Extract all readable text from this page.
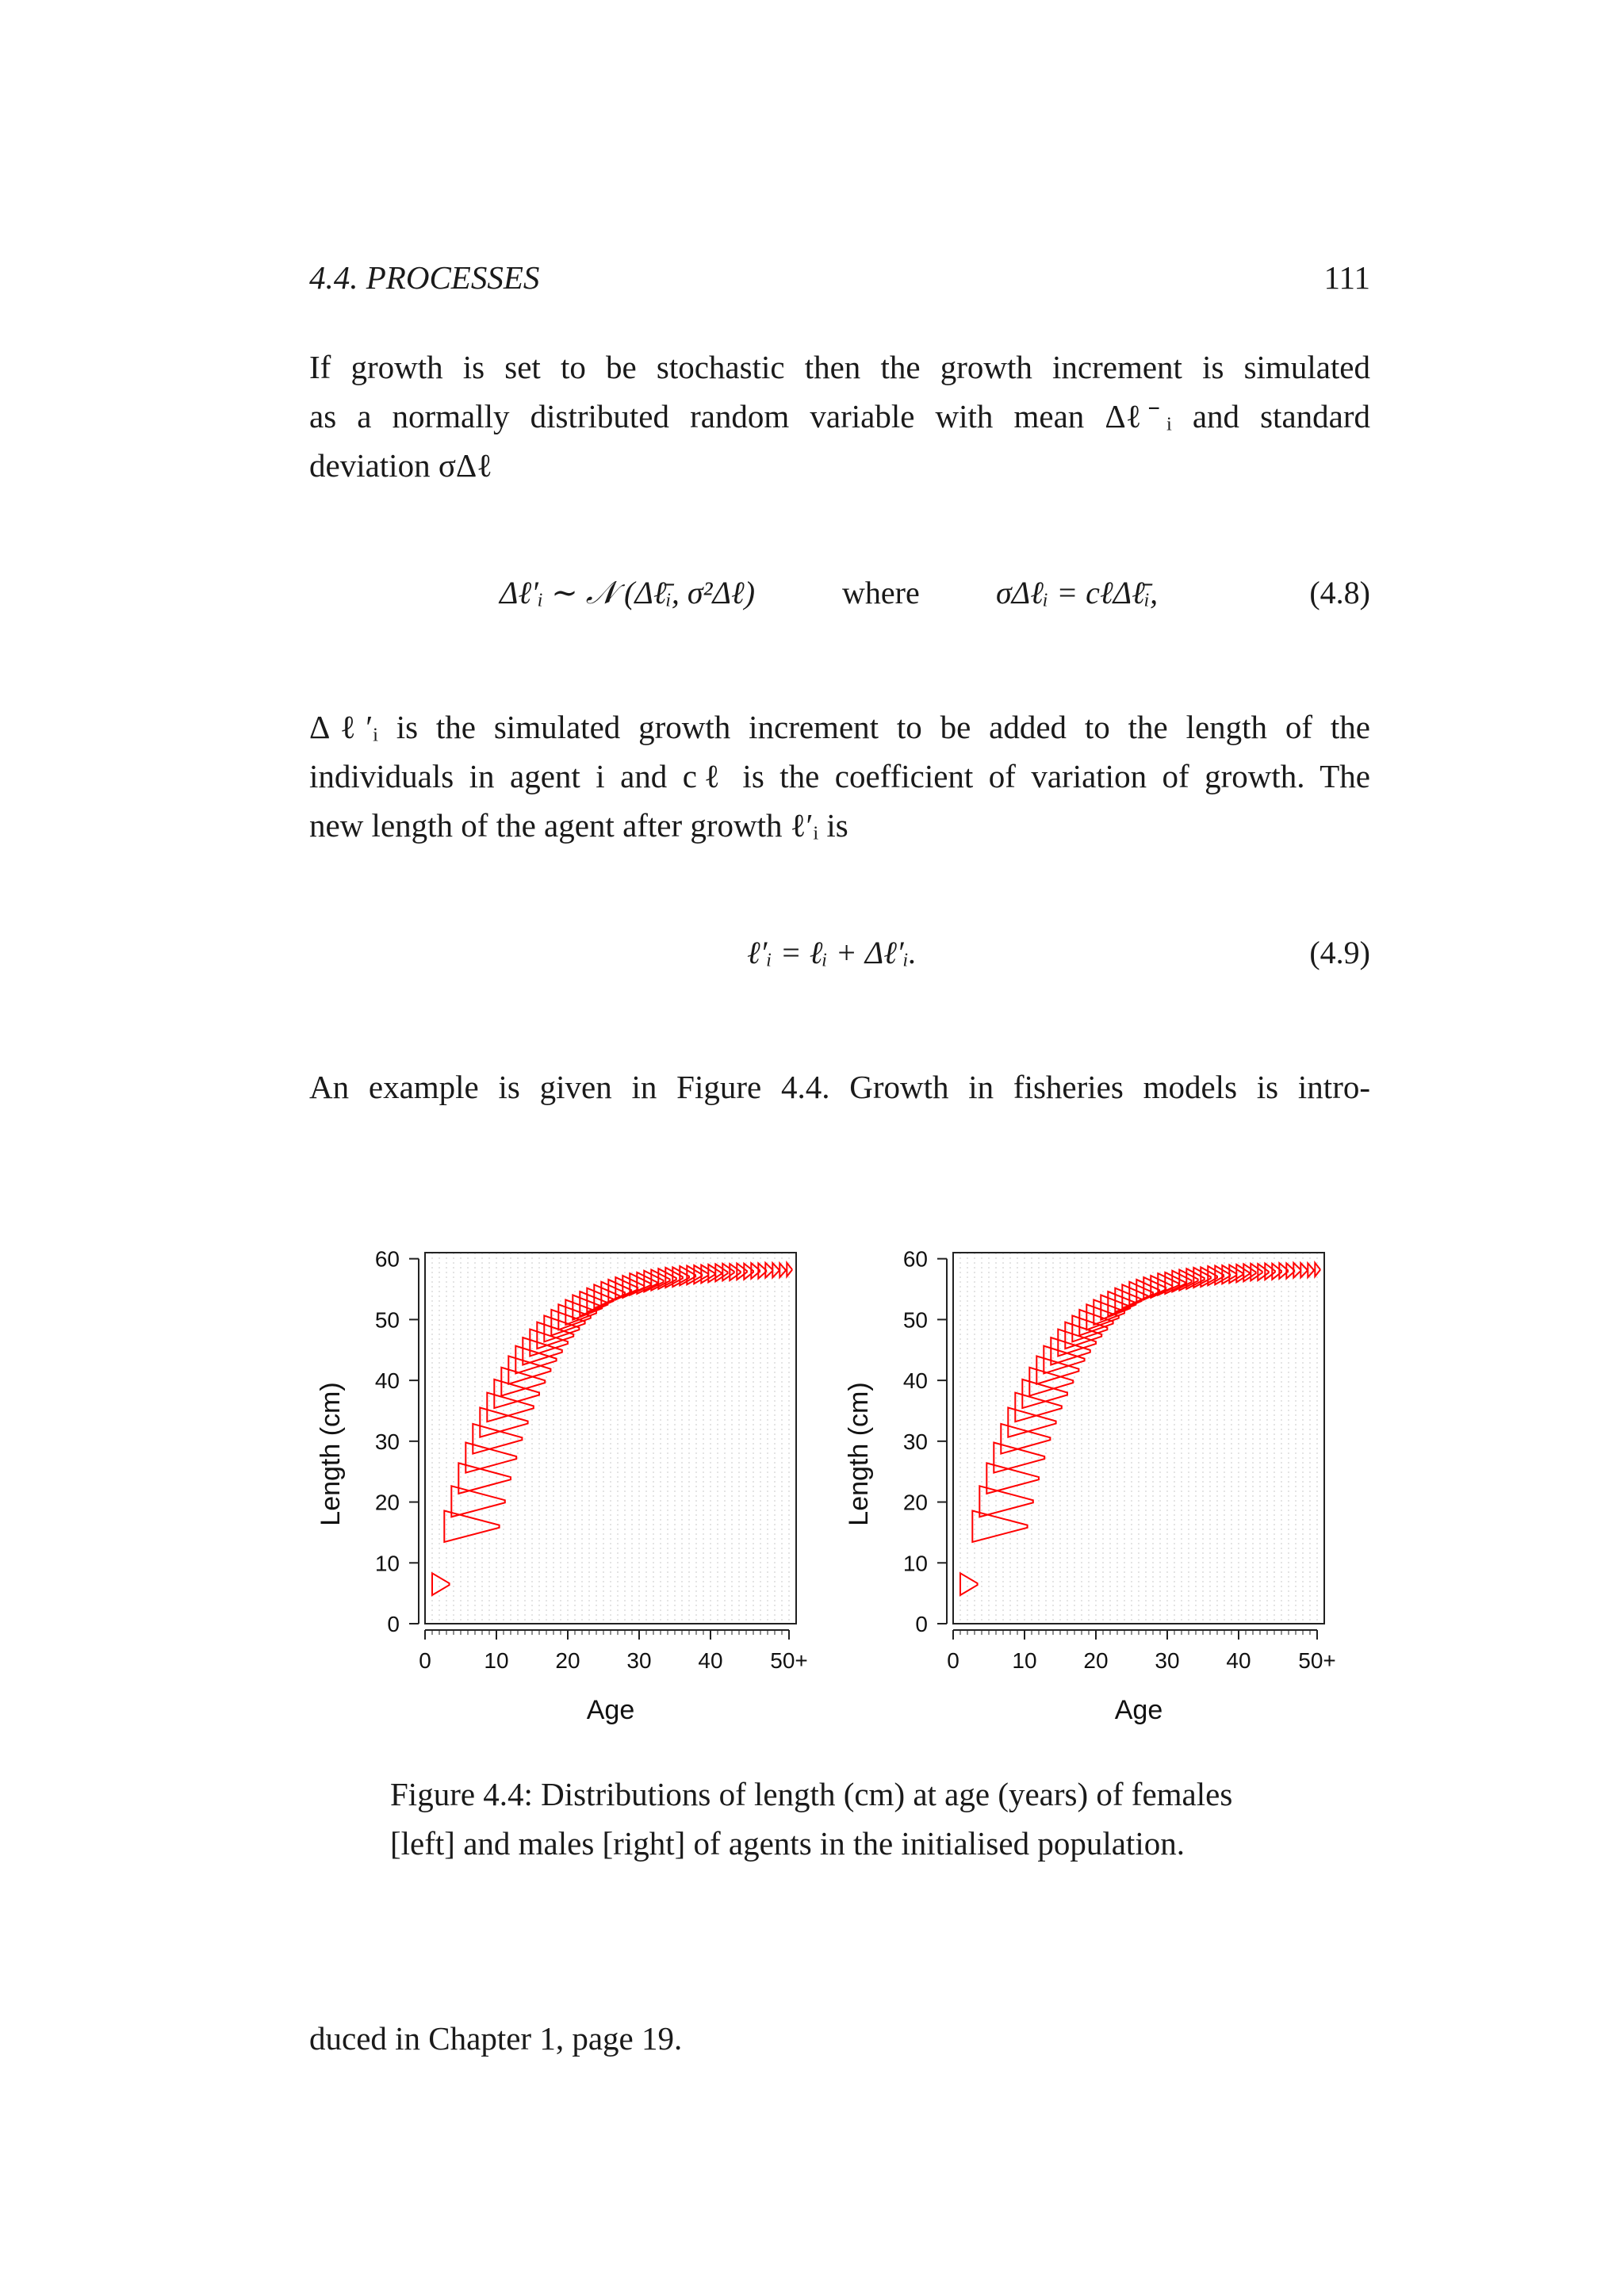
4.4. PROCESSES	111
If growth is set to be stochastic then the growth increment is simulated
as a normally distributed random variable with mean Δℓ̄ᵢ and standard
deviation σΔℓ
Δℓ′ᵢ ∼ 𝒩 (Δℓ̄ᵢ, σ²Δℓ)	where σΔℓᵢ = cℓΔℓ̄ᵢ,	(4.8)
Δℓ′ᵢ is the simulated growth increment to be added to the length of the
individuals in agent i and cℓ is the coefficient of variation of growth. The
new length of the agent after growth ℓ′ᵢ is
ℓ′ᵢ = ℓᵢ + Δℓ′ᵢ.	(4.9)
An example is given in Figure 4.4. Growth in fisheries models is intro-
0 10 20 30 40 50+
0
10
20
30
40
50
60
Age
Length (cm)
0 10 20 30 40 50+
0
10
20
30
40
50
60
Age
Length (cm)
Figure 4.4: Distributions of length (cm) at age (years) of females
[left] and males [right] of agents in the initialised population.
duced in Chapter 1, page 19.
